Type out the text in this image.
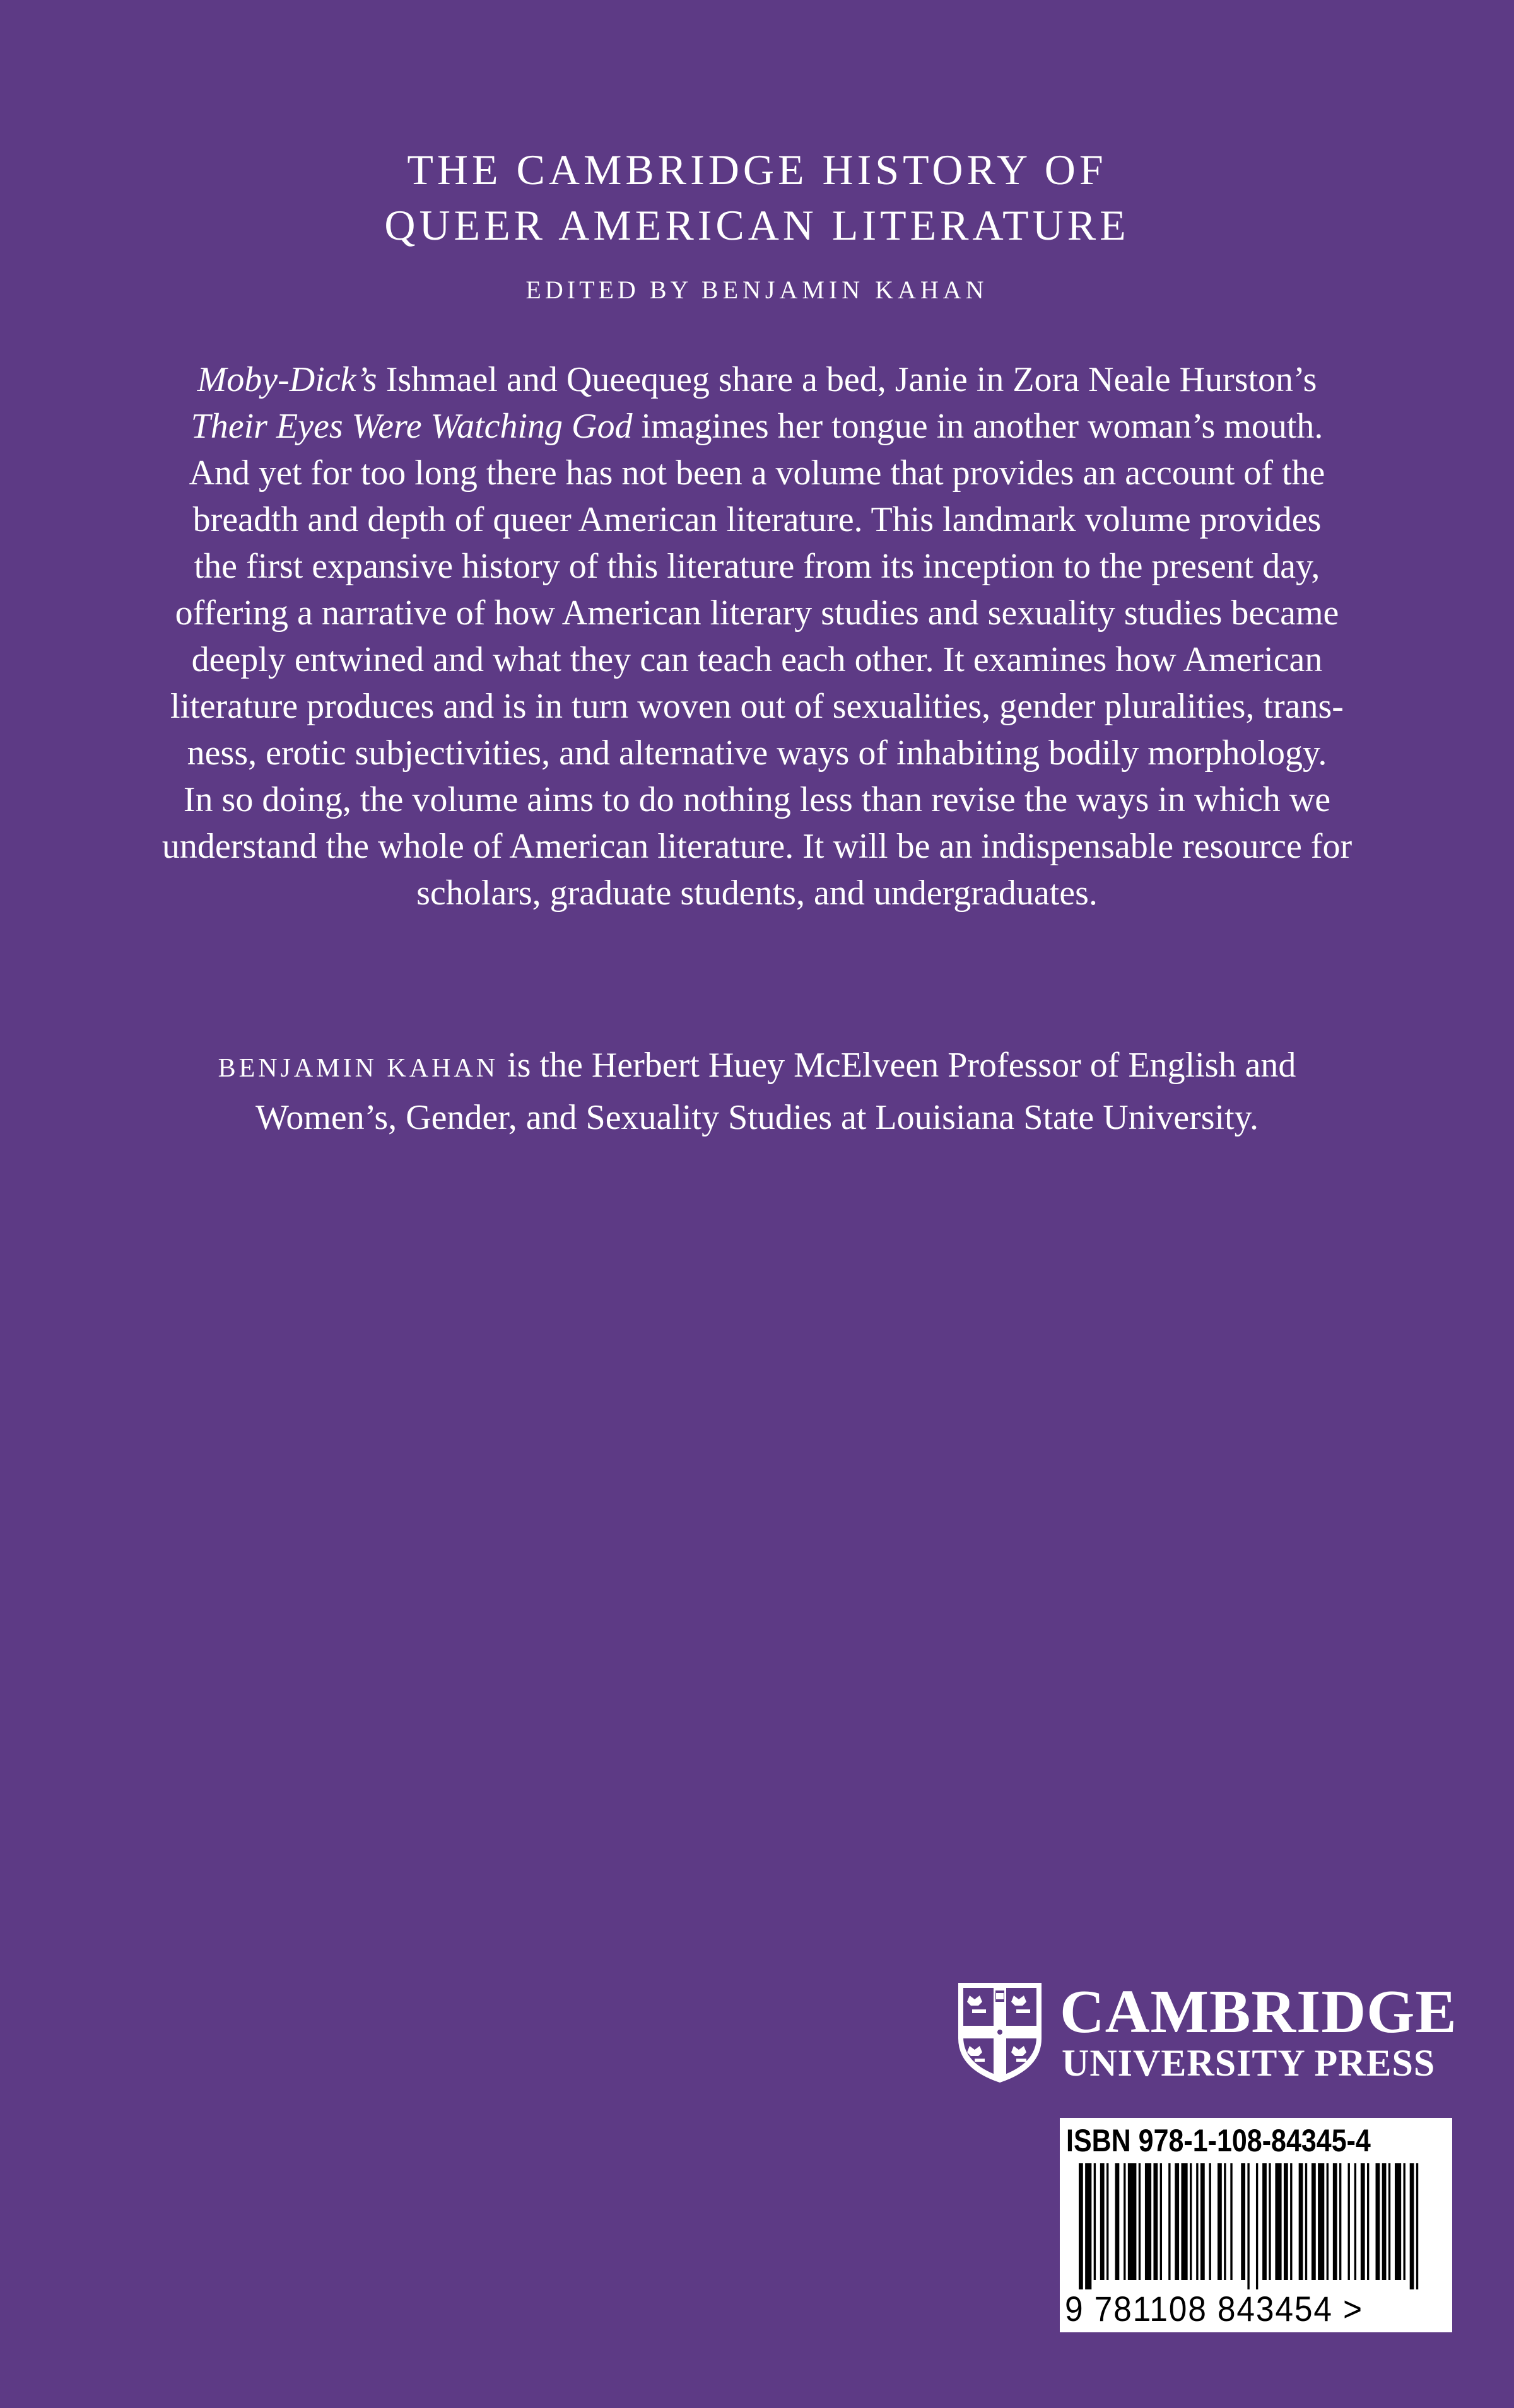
THE CAMBRIDGE HISTORY OF
QUEER AMERICAN LITERATURE
EDITED BY BENJAMIN KAHAN
Moby-Dick’s Ishmael and Queequeg share a bed, Janie in Zora Neale Hurston’s
Their Eyes Were Watching God imagines her tongue in another woman’s mouth.
And yet for too long there has not been a volume that provides an account of the
breadth and depth of queer American literature. This landmark volume provides
the first expansive history of this literature from its inception to the present day,
offering a narrative of how American literary studies and sexuality studies became
deeply entwined and what they can teach each other. It examines how American
literature produces and is in turn woven out of sexualities, gender pluralities, trans-
ness, erotic subjectivities, and alternative ways of inhabiting bodily morphology.
In so doing, the volume aims to do nothing less than revise the ways in which we
understand the whole of American literature. It will be an indispensable resource for
scholars, graduate students, and undergraduates.
BENJAMIN KAHAN is the Herbert Huey McElveen Professor of English and
Women’s, Gender, and Sexuality Studies at Louisiana State University.
CAMBRIDGE
UNIVERSITY PRESS
ISBN 978-1-108-84345-4
9 781108 843454 >
